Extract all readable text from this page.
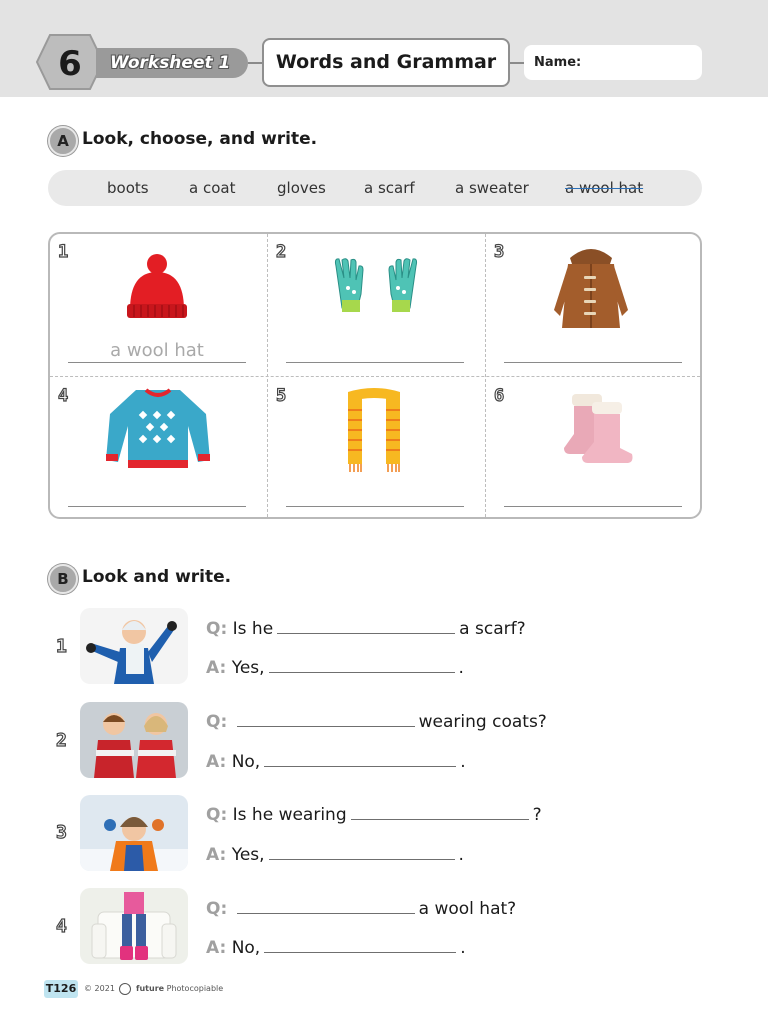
6	Worksheet 1	Words and Grammar	Name:
A Look, choose, and write.
boots	a coat	gloves	a scarf	a sweater a wool hat
1
a wool hat
2	3
4	5	6
B Look and write.
1
Q: Is he	a scarf?
A: Yes,	.
2
Q:	wearing coats?
A: No,	.
3
Q: Is he wearing	?
A: Yes,	.
4
Q:	a wool hat?
A: No,	.
T126 © 2021	future Photocopiable
